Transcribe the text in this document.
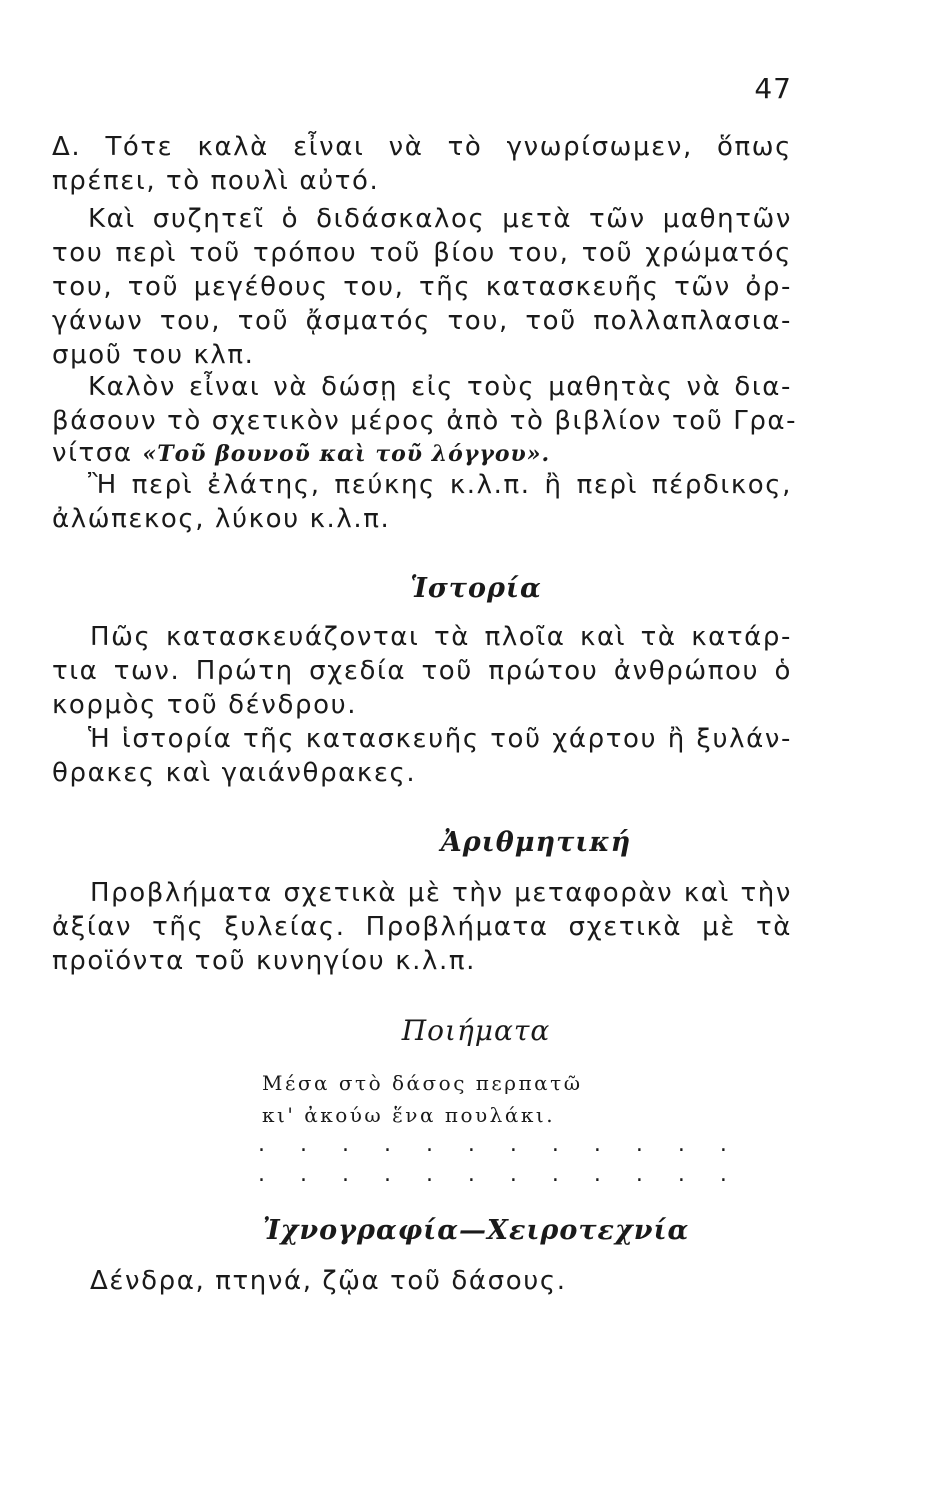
47
Δ. Τότε καλὰ εἶναι νὰ τὸ γνωρίσωμεν, ὅπως
πρέπει, τὸ πουλὶ αὐτό.
Καὶ συζητεῖ ὁ διδάσκαλος μετὰ τῶν μαθητῶν
του περὶ τοῦ τρόπου τοῦ βίου του, τοῦ χρώματός
του, τοῦ μεγέθους του, τῆς κατασκευῆς τῶν ὀρ-
γάνων του, τοῦ ᾄσματός του, τοῦ πολλαπλασια-
σμοῦ του κλπ.
Καλὸν εἶναι νὰ δώσῃ εἰς τοὺς μαθητὰς νὰ δια-
βάσουν τὸ σχετικὸν μέρος ἀπὸ τὸ βιβλίον τοῦ Γρα-
νίτσα «Τοῦ βουνοῦ καὶ τοῦ λόγγου».
Ἢ περὶ ἐλάτης, πεύκης κ.λ.π. ἢ περὶ πέρδικος,
ἀλώπεκος, λύκου κ.λ.π.
Ἱστορία
Πῶς κατασκευάζονται τὰ πλοῖα καὶ τὰ κατάρ-
τια των. Πρώτη σχεδία τοῦ πρώτου ἀνθρώπου ὁ
κορμὸς τοῦ δένδρου.
Ἡ ἱστορία τῆς κατασκευῆς τοῦ χάρτου ἢ ξυλάν-
θρακες καὶ γαιάνθρακες.
Ἀριθμητική
Προβλήματα σχετικὰ μὲ τὴν μεταφορὰν καὶ τὴν
ἀξίαν τῆς ξυλείας. Προβλήματα σχετικὰ μὲ τὰ
προϊόντα τοῦ κυνηγίου κ.λ.π.
Ποιήματα
Μέσα στὸ δάσος περπατῶ
κι' ἀκούω ἕνα πουλάκι.
. . . . . . . . . . . .
. . . . . . . . . . . .
Ἰχνογραφία—Χειροτεχνία
Δένδρα, πτηνά, ζῷα τοῦ δάσους.
